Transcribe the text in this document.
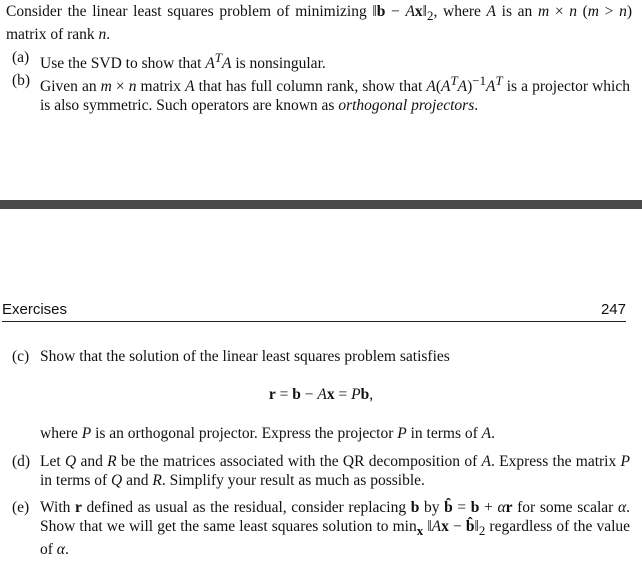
Consider the linear least squares problem of minimizing ‖b − $Ax‖_2$, where A is an m × n (m > n) matrix of rank n.
(a) Use the SVD to show that $A^TA$ is nonsingular.
(b) Given an m × n matrix A that has full column rank, show that $A(A^TA)^{-1}A^T$ is a projector which is also symmetric. Such operators are known as orthogonal projectors.
Exercises	247
(c) Show that the solution of the linear least squares problem satisfies
r = b − Ax = Pb,
where P is an orthogonal projector. Express the projector P in terms of A.
(d) Let Q and R be the matrices associated with the QR decomposition of A. Express the matrix P in terms of Q and R. Simplify your result as much as possible.
(e) With r defined as usual as the residual, consider replacing b by b̂ = b + αr for some scalar α. Show that we will get the same least squares solution to $\min_x$ ‖Ax − $b̂‖_2$ regardless of the value of α.
